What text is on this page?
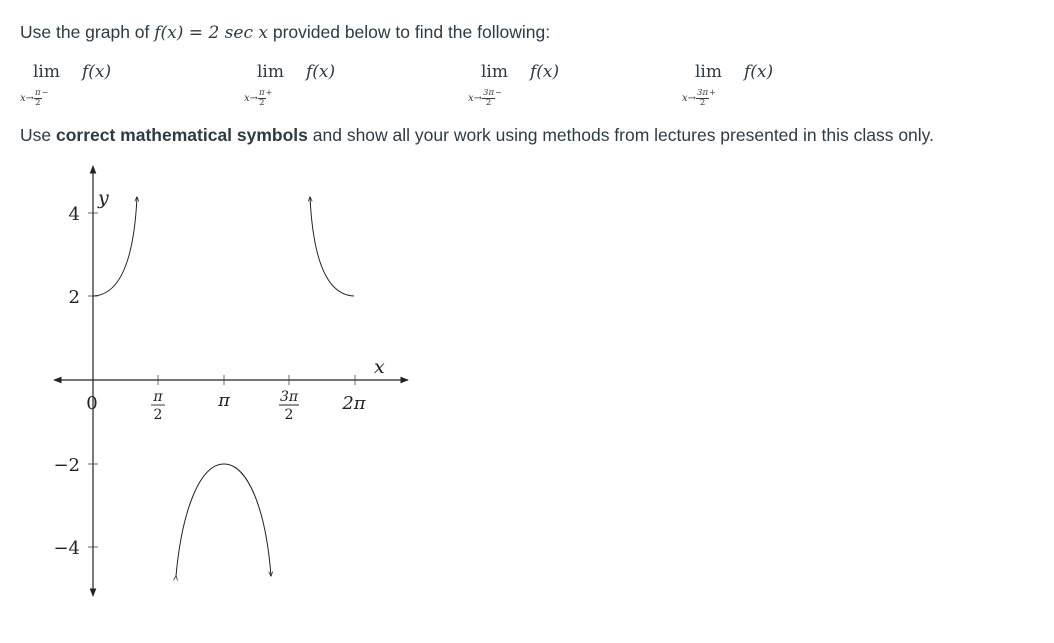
Use the graph of f(x) = 2 sec x provided below to find the following:
lim f(x)
$x\to \frac{\pi}{2} ^-$
lim f(x)
$x\to \frac{\pi}{2} ^+$
lim f(x)
$x\to \frac{3\pi}{2} ^-$
lim f(x)
$x\to \frac{3\pi}{2} ^+$
Use correct mathematical symbols and show all your work using methods from lectures presented in this class only.
y
x
4
2
−2
−4
0	π
2
π	3π
2
2π
